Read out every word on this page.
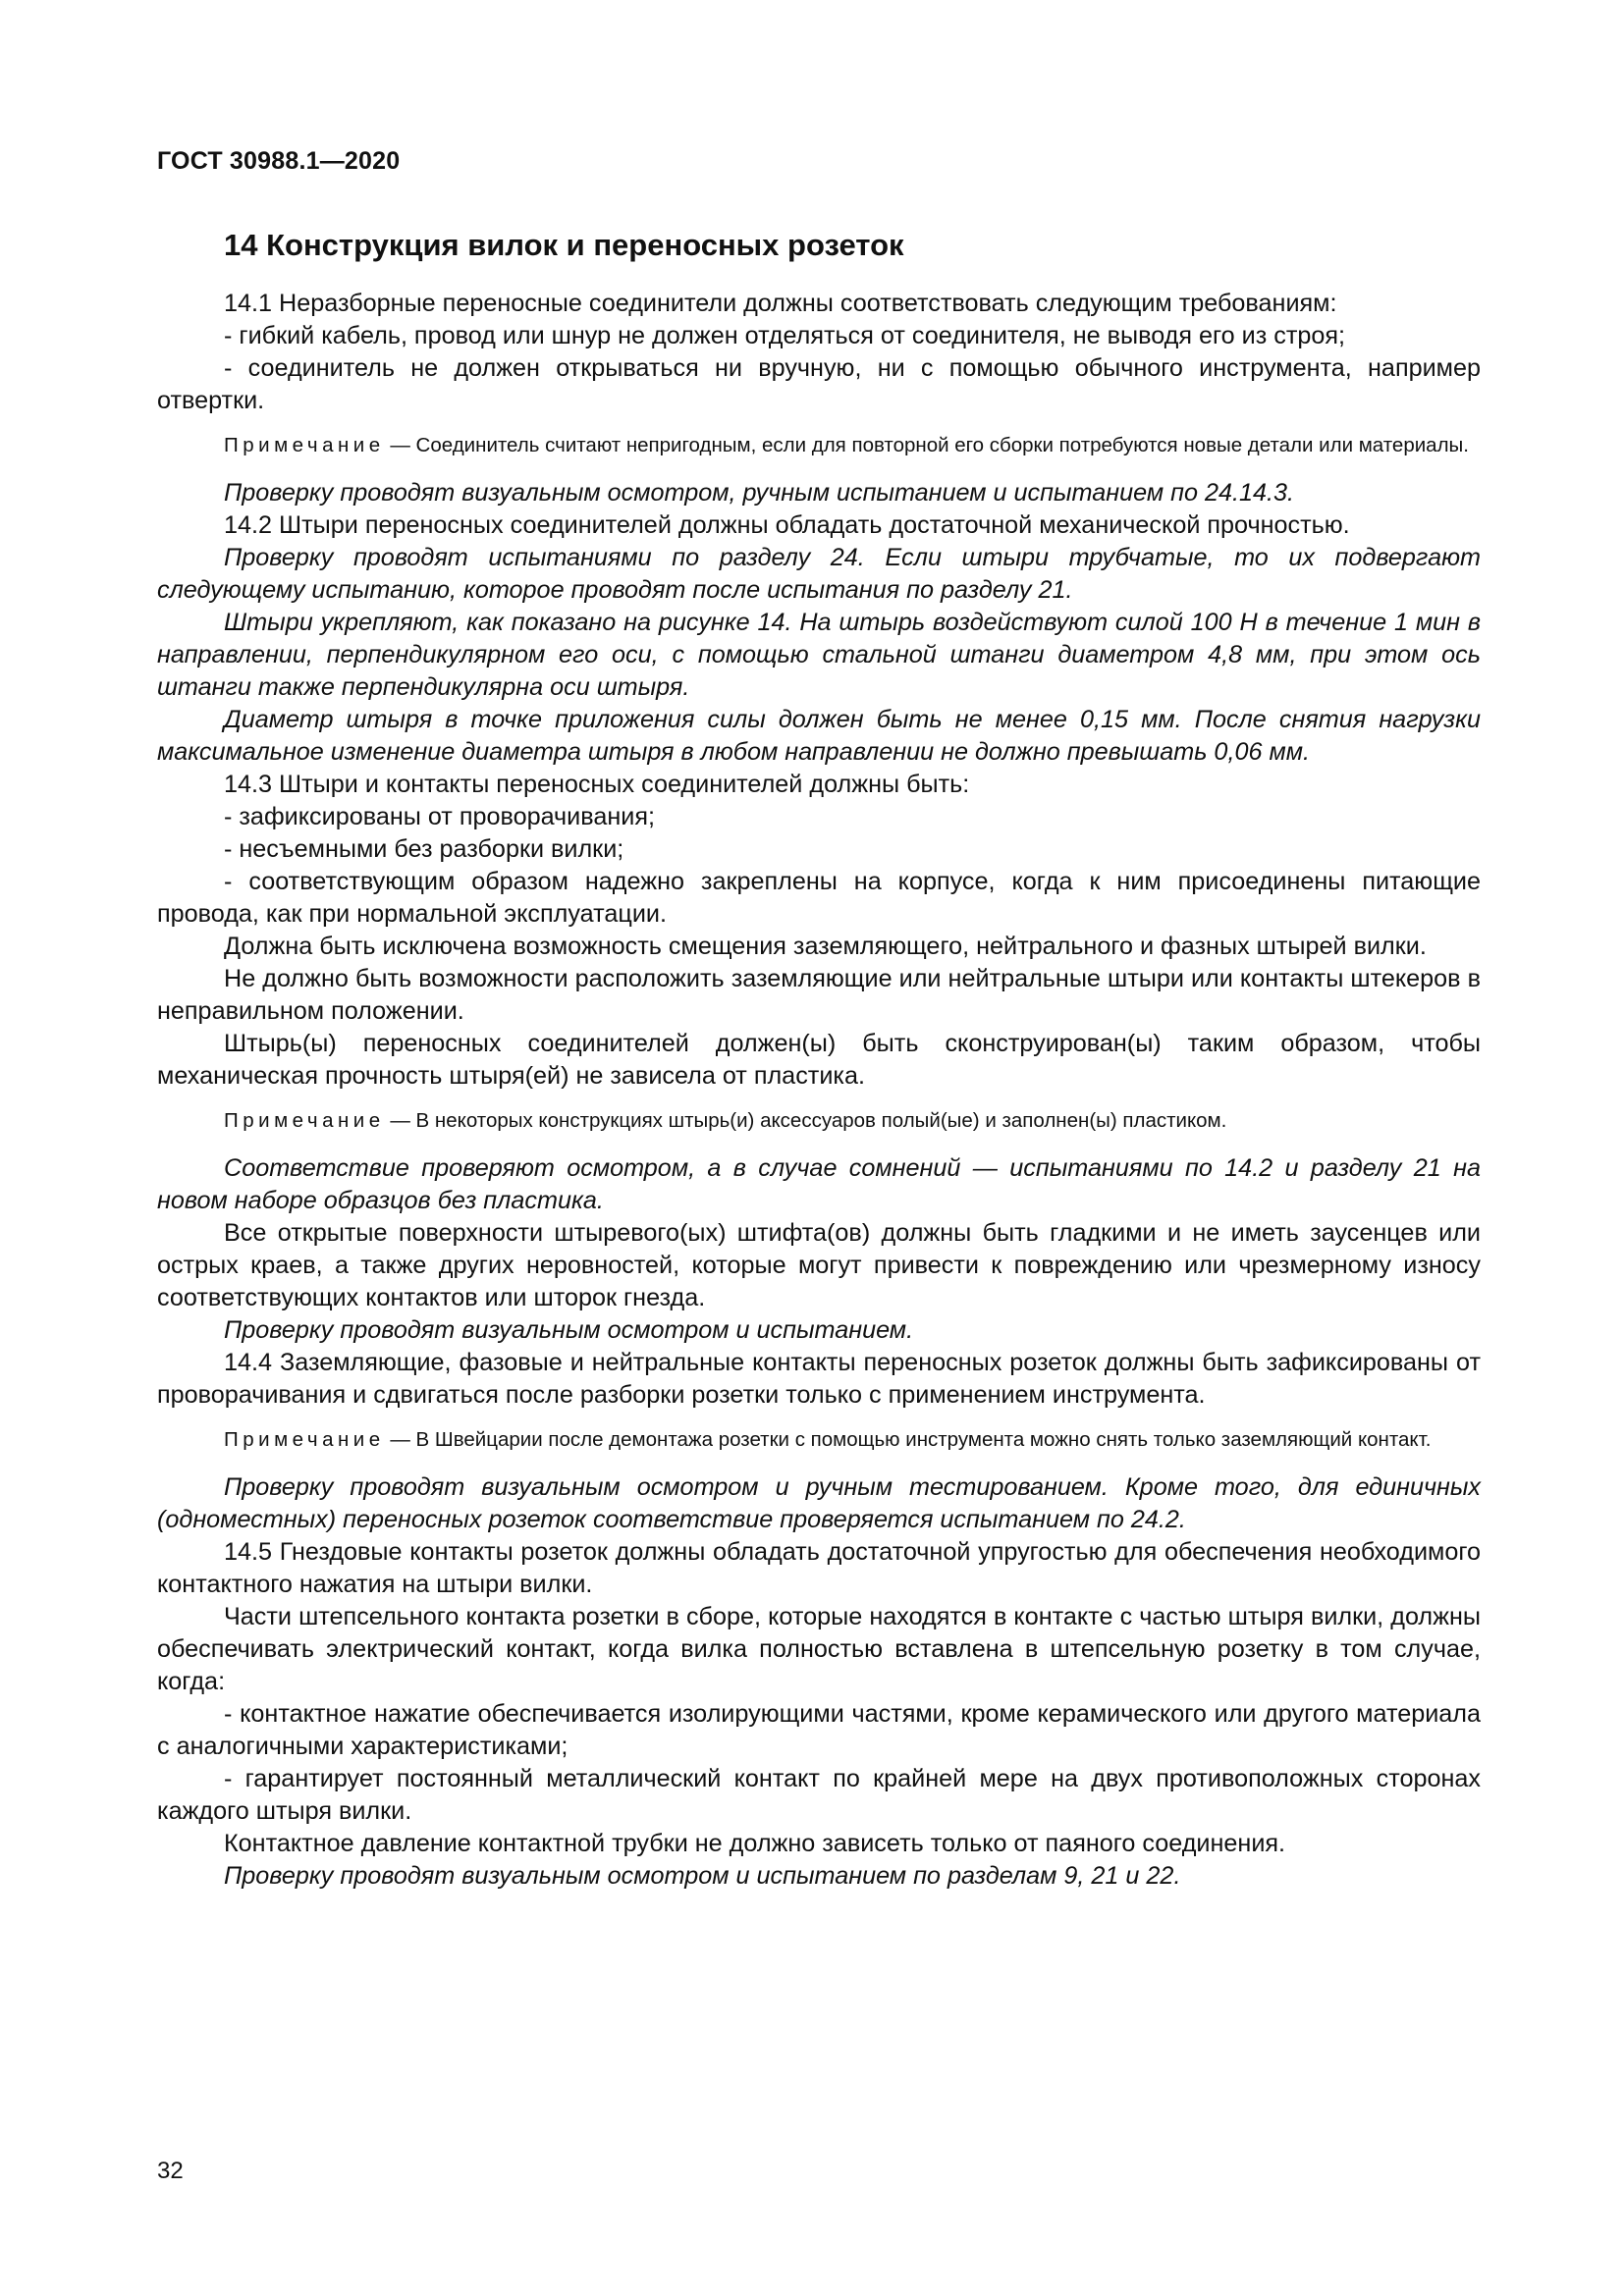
ГОСТ 30988.1—2020
14 Конструкция вилок и переносных розеток

14.1 Неразборные переносные соединители должны соответствовать следующим требованиям:

- гибкий кабель, провод или шнур не должен отделяться от соединителя, не выводя его из строя;

- соединитель не должен открываться ни вручную, ни с помощью обычного инструмента, например отвертки.

Примечание — Соединитель считают непригодным, если для повторной его сборки потребуются новые детали или материалы.

Проверку проводят визуальным осмотром, ручным испытанием и испытанием по 24.14.3.

14.2 Штыри переносных соединителей должны обладать достаточной механической прочностью.

Проверку проводят испытаниями по разделу 24. Если штыри трубчатые, то их подвергают следующему испытанию, которое проводят после испытания по разделу 21.

Штыри укрепляют, как показано на рисунке 14. На штырь воздействуют силой 100 Н в течение 1 мин в направлении, перпендикулярном его оси, с помощью стальной штанги диаметром 4,8 мм, при этом ось штанги также перпендикулярна оси штыря.

Диаметр штыря в точке приложения силы должен быть не менее 0,15 мм. После снятия нагрузки максимальное изменение диаметра штыря в любом направлении не должно превышать 0,06 мм.

14.3 Штыри и контакты переносных соединителей должны быть:

- зафиксированы от проворачивания;

- несъемными без разборки вилки;

- соответствующим образом надежно закреплены на корпусе, когда к ним присоединены питающие провода, как при нормальной эксплуатации.

Должна быть исключена возможность смещения заземляющего, нейтрального и фазных штырей вилки.

Не должно быть возможности расположить заземляющие или нейтральные штыри или контакты штекеров в неправильном положении.

Штырь(ы) переносных соединителей должен(ы) быть сконструирован(ы) таким образом, чтобы механическая прочность штыря(ей) не зависела от пластика.

Примечание — В некоторых конструкциях штырь(и) аксессуаров полый(ые) и заполнен(ы) пластиком.

Соответствие проверяют осмотром, а в случае сомнений — испытаниями по 14.2 и разделу 21 на новом наборе образцов без пластика.

Все открытые поверхности штыревого(ых) штифта(ов) должны быть гладкими и не иметь заусенцев или острых краев, а также других неровностей, которые могут привести к повреждению или чрезмерному износу соответствующих контактов или шторок гнезда.

Проверку проводят визуальным осмотром и испытанием.

14.4 Заземляющие, фазовые и нейтральные контакты переносных розеток должны быть зафиксированы от проворачивания и сдвигаться после разборки розетки только с применением инструмента.

Примечание — В Швейцарии после демонтажа розетки с помощью инструмента можно снять только заземляющий контакт.

Проверку проводят визуальным осмотром и ручным тестированием. Кроме того, для единичных (одноместных) переносных розеток соответствие проверяется испытанием по 24.2.

14.5 Гнездовые контакты розеток должны обладать достаточной упругостью для обеспечения необходимого контактного нажатия на штыри вилки.

Части штепсельного контакта розетки в сборе, которые находятся в контакте с частью штыря вилки, должны обеспечивать электрический контакт, когда вилка полностью вставлена в штепсельную розетку в том случае, когда:

- контактное нажатие обеспечивается изолирующими частями, кроме керамического или другого материала с аналогичными характеристиками;

- гарантирует постоянный металлический контакт по крайней мере на двух противоположных сторонах каждого штыря вилки.

Контактное давление контактной трубки не должно зависеть только от паяного соединения.

Проверку проводят визуальным осмотром и испытанием по разделам 9, 21 и 22.

32
